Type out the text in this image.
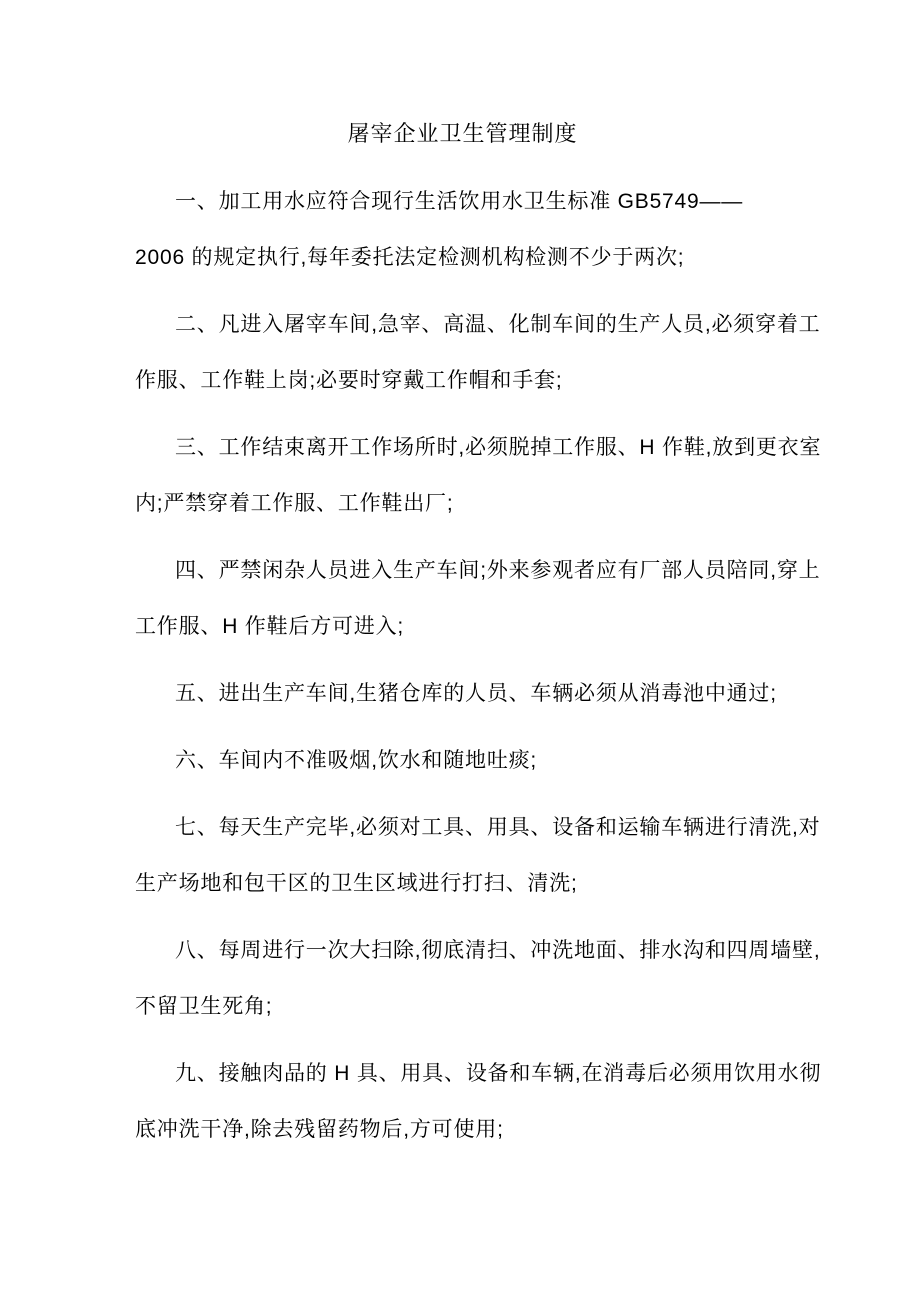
屠宰企业卫生管理制度
一、加工用水应符合现行生活饮用水卫生标准 GB5749——
2006 的规定执行,每年委托法定检测机构检测不少于两次;
二、凡进入屠宰车间,急宰、高温、化制车间的生产人员,必须穿着工
作服、工作鞋上岗;必要时穿戴工作帽和手套;
三、工作结束离开工作场所时,必须脱掉工作服、H 作鞋,放到更衣室
内;严禁穿着工作服、工作鞋出厂;
四、严禁闲杂人员进入生产车间;外来参观者应有厂部人员陪同,穿上
工作服、H 作鞋后方可进入;
五、进出生产车间,生猪仓库的人员、车辆必须从消毒池中通过;
六、车间内不准吸烟,饮水和随地吐痰;
七、每天生产完毕,必须对工具、用具、设备和运输车辆进行清洗,对
生产场地和包干区的卫生区域进行打扫、清洗;
八、每周进行一次大扫除,彻底清扫、冲洗地面、排水沟和四周墙壁,
不留卫生死角;
九、接触肉品的 H 具、用具、设备和车辆,在消毒后必须用饮用水彻
底冲洗干净,除去残留药物后,方可使用;
